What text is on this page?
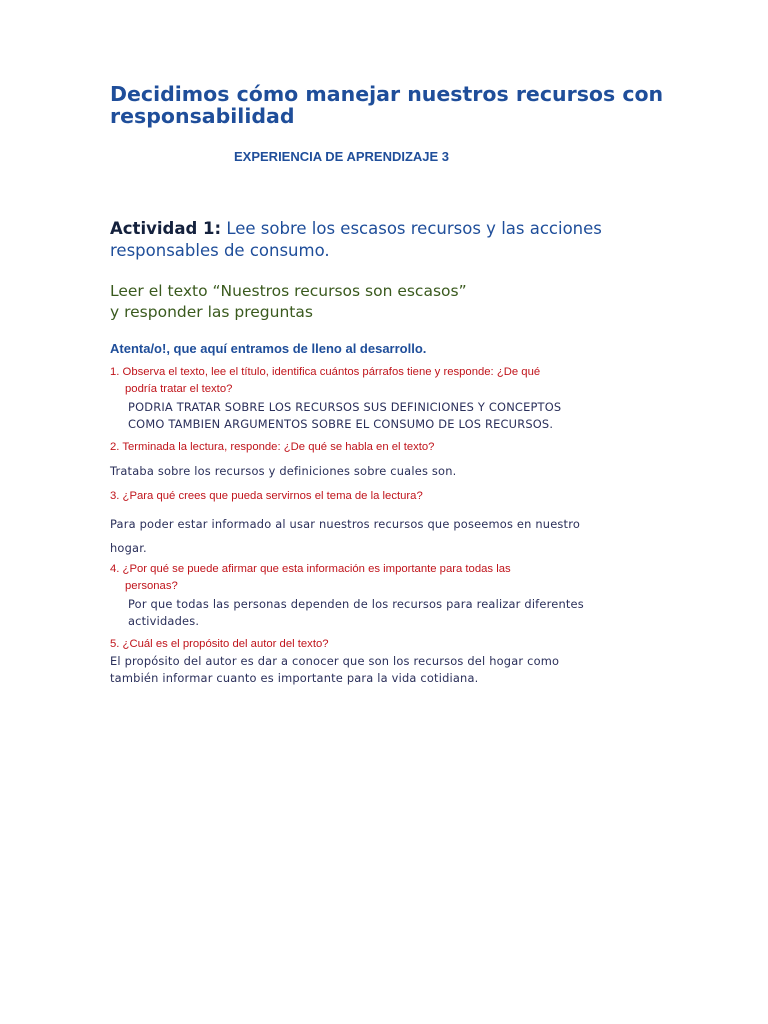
Decidimos cómo manejar nuestros recursos con responsabilidad
EXPERIENCIA DE APRENDIZAJE 3
Actividad 1: Lee sobre los escasos recursos y las acciones responsables de consumo.
Leer el texto “Nuestros recursos son escasos”
y responder las preguntas
Atenta/o!, que aquí entramos de lleno al desarrollo.
1. Observa el texto, lee el título, identifica cuántos párrafos tiene y responde: ¿De qué
podría tratar el texto?
PODRIA TRATAR SOBRE LOS RECURSOS SUS DEFINICIONES Y CONCEPTOS
COMO TAMBIEN ARGUMENTOS SOBRE EL CONSUMO DE LOS RECURSOS.
2. Terminada la lectura, responde: ¿De qué se habla en el texto?
Trataba sobre los recursos y definiciones sobre cuales son.
3. ¿Para qué crees que pueda servirnos el tema de la lectura?
Para poder estar informado al usar nuestros recursos que poseemos en nuestro
hogar.
4. ¿Por qué se puede afirmar que esta información es importante para todas las
personas?
Por que todas las personas dependen de los recursos para realizar diferentes
actividades.
5. ¿Cuál es el propósito del autor del texto?
El propósito del autor es dar a conocer que son los recursos del hogar como
también informar cuanto es importante para la vida cotidiana.
